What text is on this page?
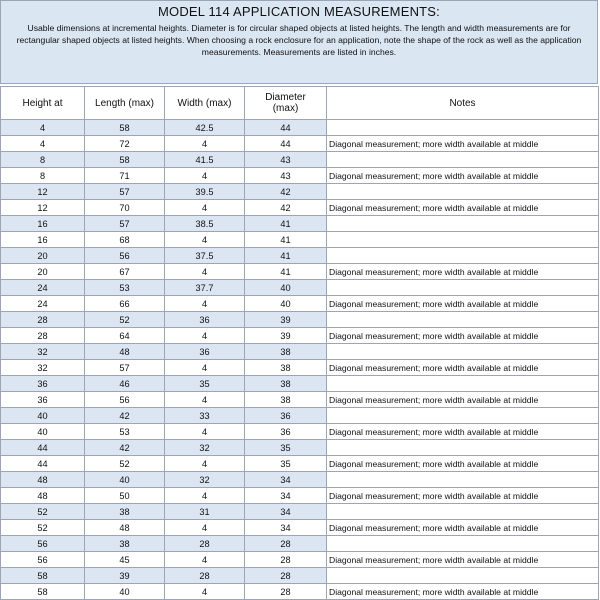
MODEL 114 APPLICATION MEASUREMENTS:
Usable dimensions at incremental heights. Diameter is for circular shaped objects at listed heights. The length and width measurements are for rectangular shaped objects at listed heights. When choosing a rock enclosure for an application, note the shape of the rock as well as the application measurements. Measurements are listed in inches.
Height at	Length (max)	Width (max)	Diameter (max)	Notes
4	58	42.5	44	
4	72	4	44	Diagonal measurement; more width available at middle
8	58	41.5	43	
8	71	4	43	Diagonal measurement; more width available at middle
12	57	39.5	42	
12	70	4	42	Diagonal measurement; more width available at middle
16	57	38.5	41	
16	68	4	41	
20	56	37.5	41	
20	67	4	41	Diagonal measurement; more width available at middle
24	53	37.7	40	
24	66	4	40	Diagonal measurement; more width available at middle
28	52	36	39	
28	64	4	39	Diagonal measurement; more width available at middle
32	48	36	38	
32	57	4	38	Diagonal measurement; more width available at middle
36	46	35	38	
36	56	4	38	Diagonal measurement; more width available at middle
40	42	33	36	
40	53	4	36	Diagonal measurement; more width available at middle
44	42	32	35	
44	52	4	35	Diagonal measurement; more width available at middle
48	40	32	34	
48	50	4	34	Diagonal measurement; more width available at middle
52	38	31	34	
52	48	4	34	Diagonal measurement; more width available at middle
56	38	28	28	
56	45	4	28	Diagonal measurement; more width available at middle
58	39	28	28	
58	40	4	28	Diagonal measurement; more width available at middle
